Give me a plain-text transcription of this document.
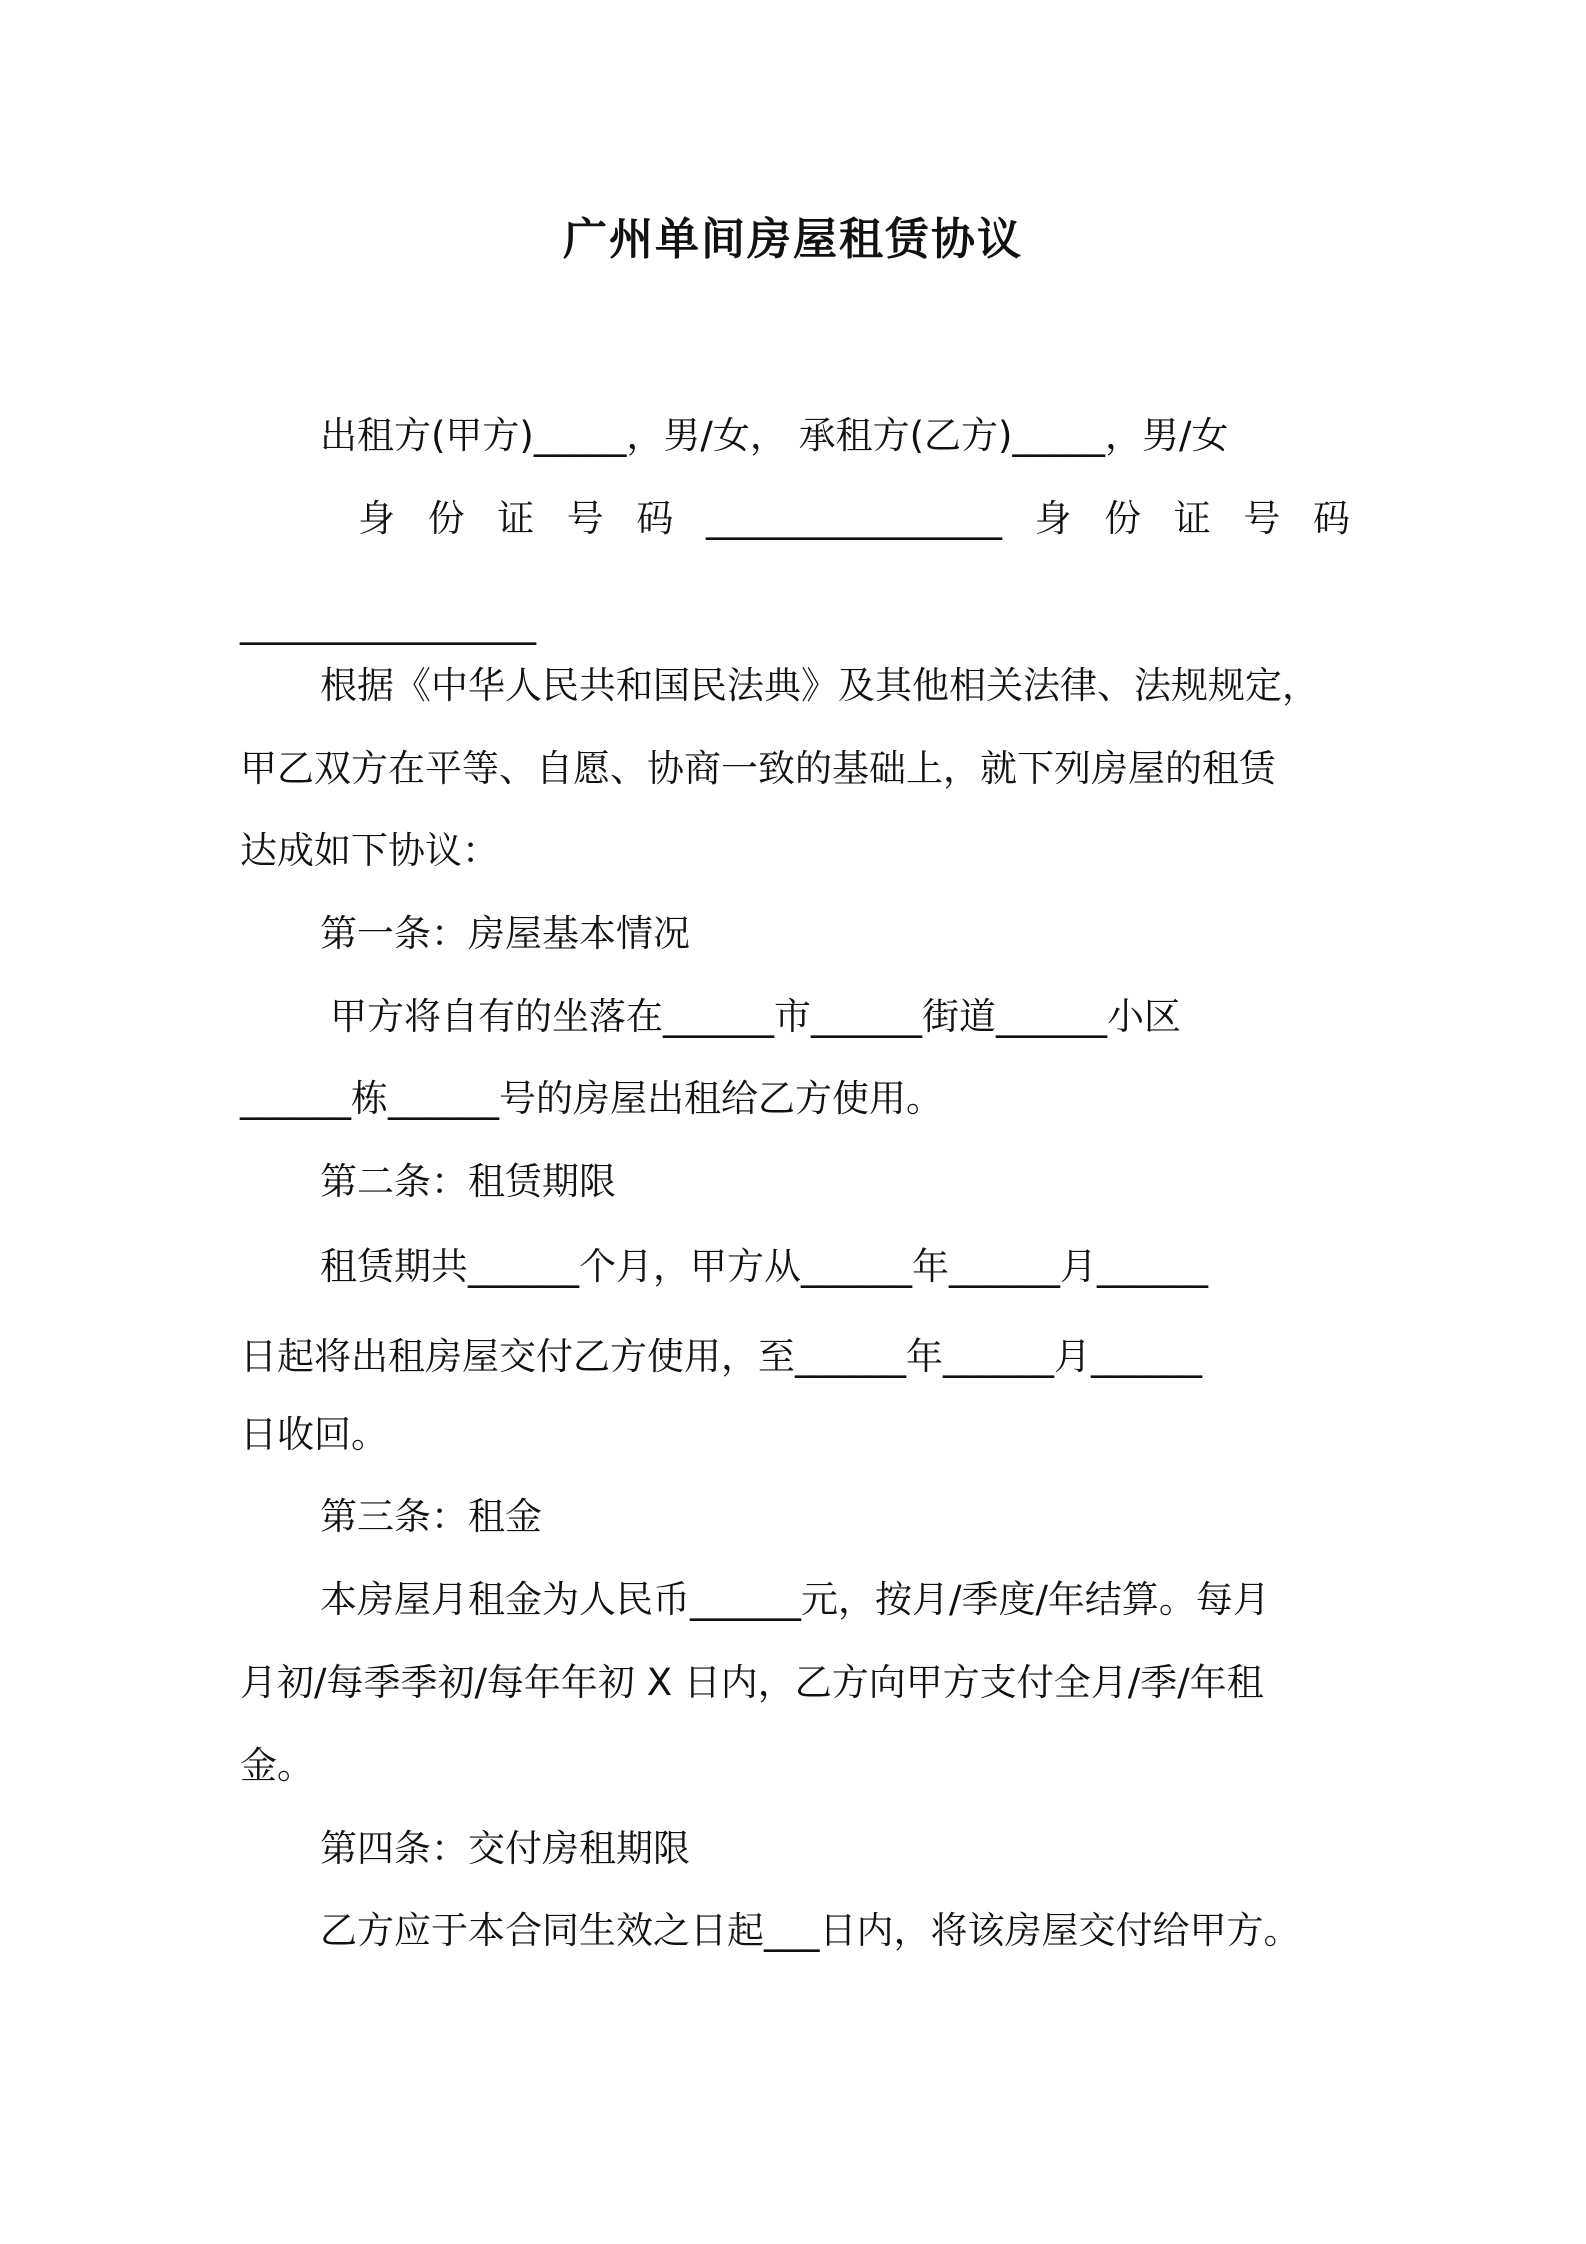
广州单间房屋租赁协议
出租方(甲方)_____，男/女， 承租方(乙方)_____，男/女
身 份 证 号 码 ________________ 身 份 证 号 码
________________
根据《中华人民共和国民法典》及其他相关法律、法规规定，
甲乙双方在平等、自愿、协商一致的基础上，就下列房屋的租赁
达成如下协议：
第一条：房屋基本情况
甲方将自有的坐落在______市______街道______小区
______栋______号的房屋出租给乙方使用。
第二条：租赁期限
租赁期共______个月，甲方从______年______月______
日起将出租房屋交付乙方使用，至______年______月______
日收回。
第三条：租金
本房屋月租金为人民币______元，按月/季度/年结算。每月
月初/每季季初/每年年初 X 日内，乙方向甲方支付全月/季/年租
金。
第四条：交付房租期限
乙方应于本合同生效之日起___日内，将该房屋交付给甲方。
